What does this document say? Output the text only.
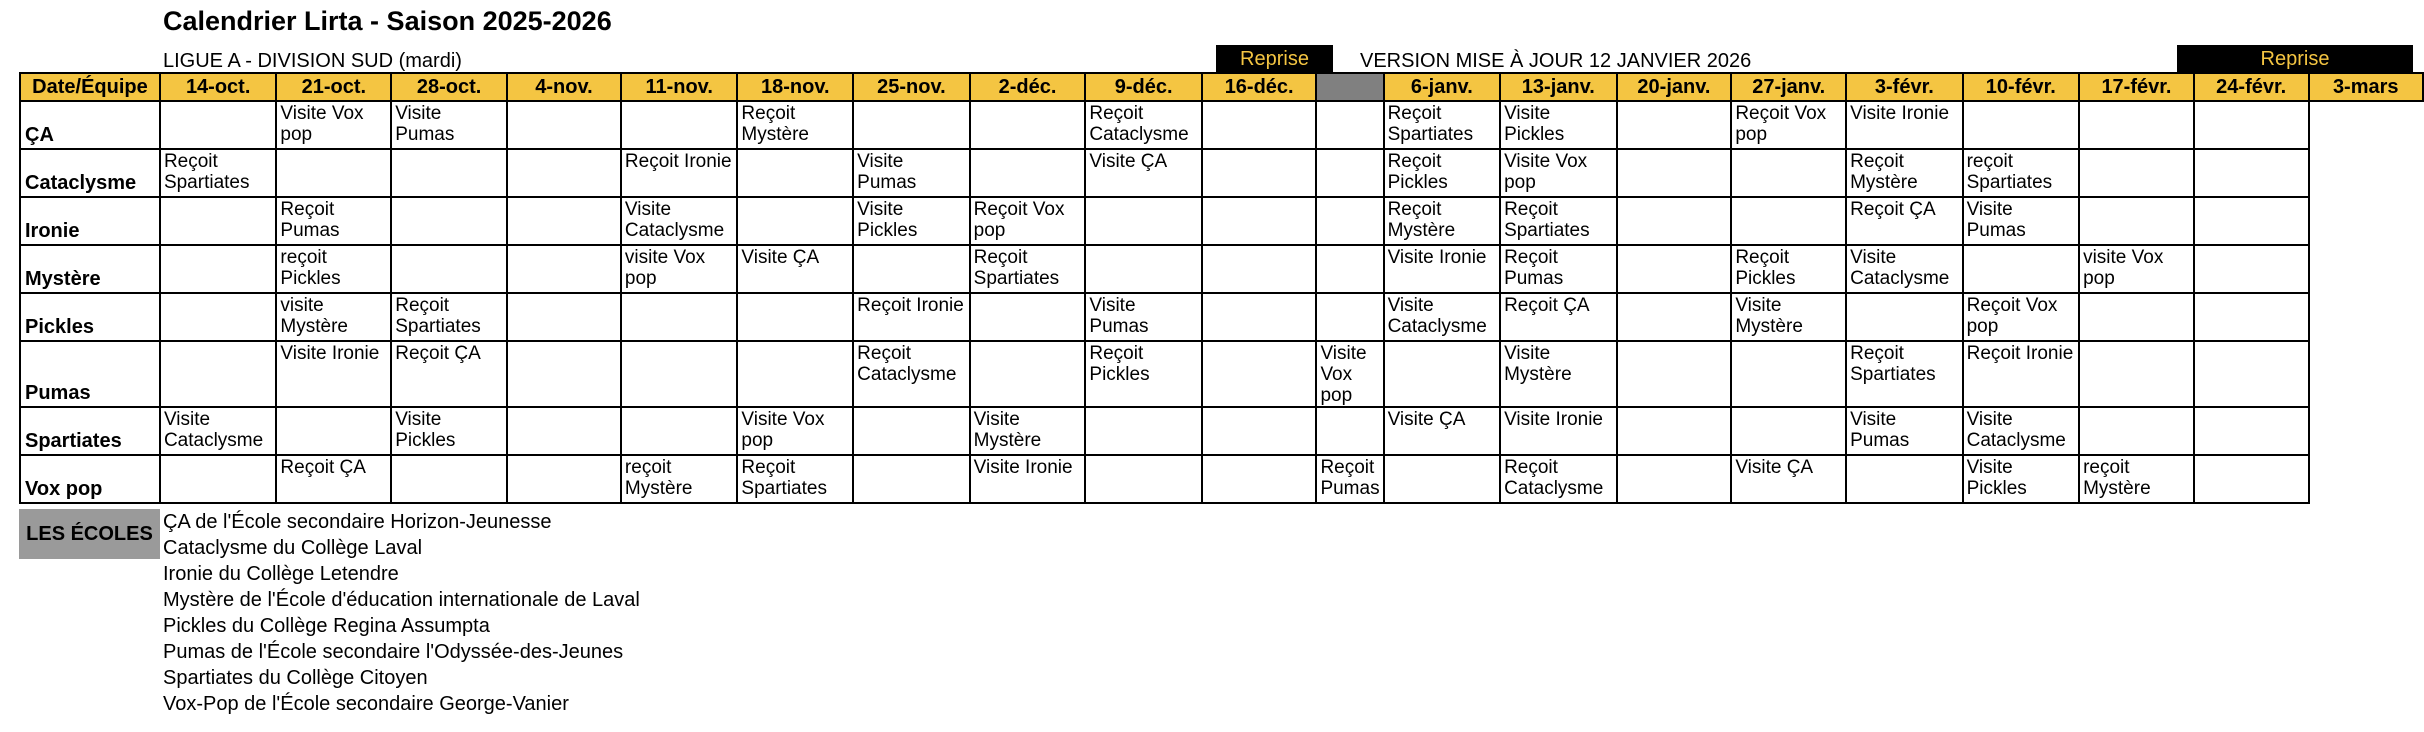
Calendrier Lirta - Saison 2025-2026
LIGUE A - DIVISION SUD (mardi)	VERSION MISE À JOUR 12 JANVIER 2026
Reprise	Reprise
Date/Équipe	14-oct.	21-oct.	28-oct.	4-nov.	11-nov.	18-nov.	25-nov.	2-déc.	9-déc.	16-déc.		6-janv.	13-janv.	20-janv.	27-janv.	3-févr.	10-févr.	17-févr.	24-févr.	3-mars
ÇA		Visite Vox pop	Visite Pumas			Reçoit Mystère			Reçoit Cataclysme			Reçoit Spartiates	Visite Pickles		Reçoit Vox pop	Visite Ironie				
Cataclysme	Reçoit Spartiates				Reçoit Ironie		Visite Pumas		Visite ÇA			Reçoit Pickles	Visite Vox pop			Reçoit Mystère	reçoit Spartiates			
Ironie		Reçoit Pumas			Visite Cataclysme		Visite Pickles	Reçoit Vox pop				Reçoit Mystère	Reçoit Spartiates			Reçoit ÇA	Visite Pumas			
Mystère		reçoit Pickles			visite Vox pop	Visite ÇA		Reçoit Spartiates				Visite Ironie	Reçoit Pumas		Reçoit Pickles	Visite Cataclysme		visite Vox pop		
Pickles		visite Mystère	Reçoit Spartiates				Reçoit Ironie		Visite Pumas			Visite Cataclysme	Reçoit ÇA		Visite Mystère		Reçoit Vox pop			
Pumas		Visite Ironie	Reçoit ÇA				Reçoit Cataclysme		Reçoit Pickles		Visite Vox pop		Visite Mystère			Reçoit Spartiates	Reçoit Ironie			
Spartiates	Visite Cataclysme		Visite Pickles			Visite Vox pop		Visite Mystère				Visite ÇA	Visite Ironie			Visite Pumas	Visite Cataclysme			
Vox pop		Reçoit ÇA			reçoit Mystère	Reçoit Spartiates		Visite Ironie			Reçoit Pumas		Reçoit Cataclysme		Visite ÇA		Visite Pickles	reçoit Mystère		
LES ÉCOLES
ÇA de l'École secondaire Horizon-Jeunesse
Cataclysme du Collège Laval
Ironie du Collège Letendre
Mystère de l'École d'éducation internationale de Laval
Pickles du Collège Regina Assumpta
Pumas de l'École secondaire l'Odyssée-des-Jeunes
Spartiates du Collège Citoyen
Vox-Pop de l'École secondaire George-Vanier
